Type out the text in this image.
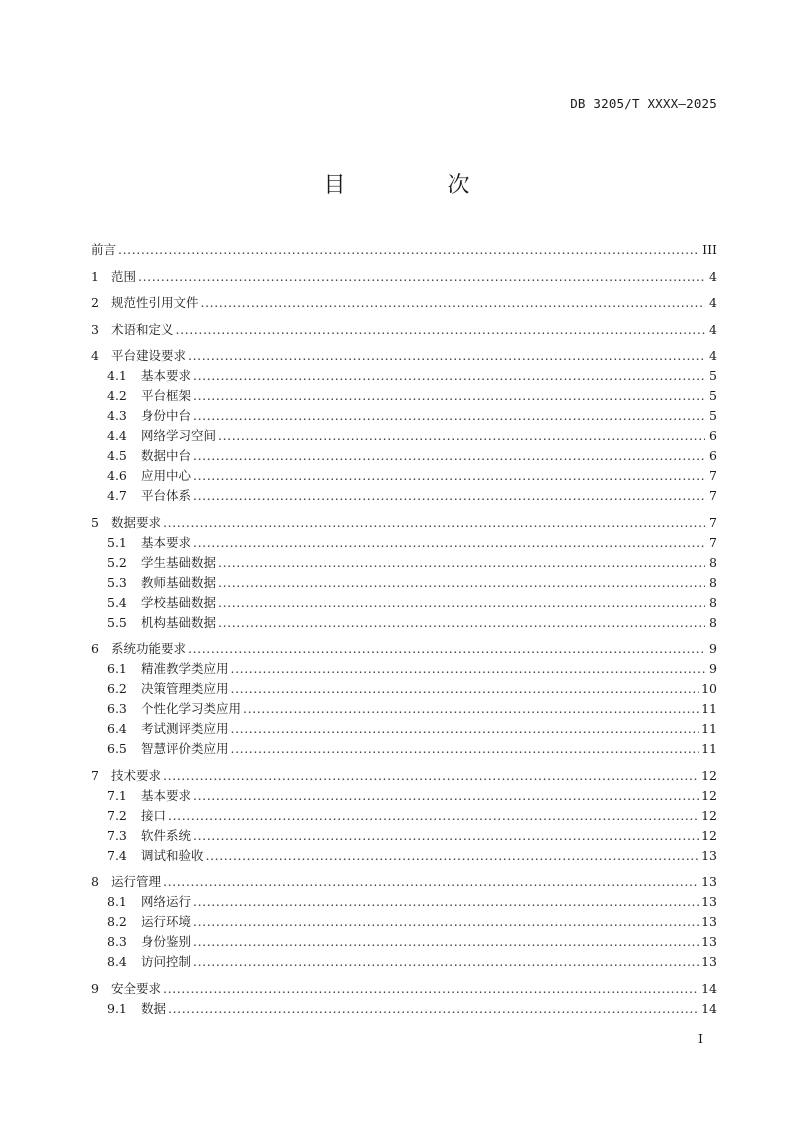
DB 3205/T XXXX—2025
目　次
前言 .....	III
1 范围 .....	4
2 规范性引用文件 .....	4
3 术语和定义 .....	4
4 平台建设要求 .....	4
4.1	基本要求 .....	5
4.2	平台框架 .....	5
4.3	身份中台 .....	5
4.4	网络学习空间 .....	6
4.5	数据中台 .....	6
4.6	应用中心 .....	7
4.7	平台体系 .....	7
5 数据要求 .....	7
5.1	基本要求 .....	7
5.2	学生基础数据 .....	8
5.3	教师基础数据 .....	8
5.4	学校基础数据 .....	8
5.5	机构基础数据 .....	8
6 系统功能要求 .....	9
6.1	精准教学类应用 .....	9
6.2	决策管理类应用 .....	10
6.3	个性化学习类应用 .....	11
6.4	考试测评类应用 .....	11
6.5	智慧评价类应用 .....	11
7 技术要求 .....	12
7.1	基本要求 .....	12
7.2	接口 .....	12
7.3	软件系统 .....	12
7.4	调试和验收 .....	13
8 运行管理 .....	13
8.1	网络运行 .....	13
8.2	运行环境 .....	13
8.3	身份鉴别 .....	13
8.4	访问控制 .....	13
9 安全要求 .....	14
9.1	数据 .....	14
I
